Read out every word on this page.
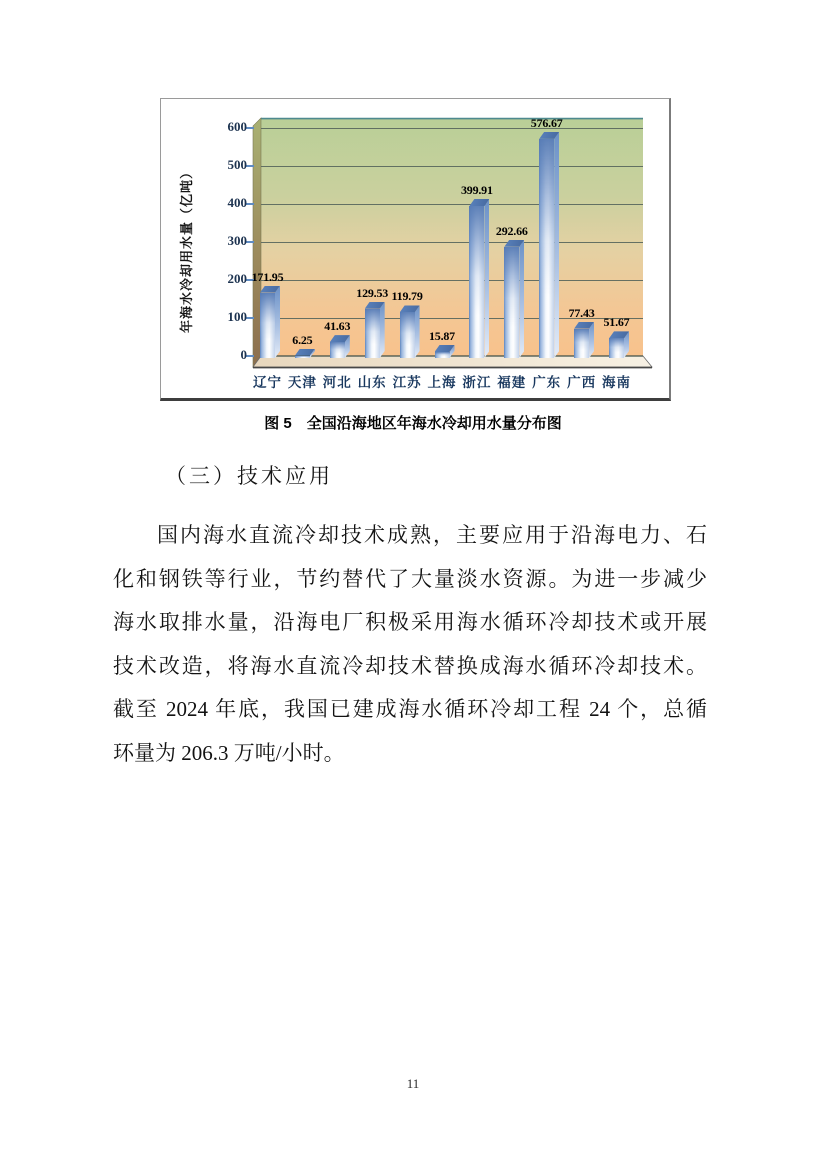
年海水冷却用水量（亿吨）
0
100
200
300
400
500
600
171.95
辽宁
6.25
天津
41.63
河北
129.53
山东
119.79
江苏
15.87
上海
399.91
浙江
292.66
福建
576.67
广东
77.43
广西
51.67
海南
图 5　全国沿海地区年海水冷却用水量分布图
（三）技术应用
国内海水直流冷却技术成熟，主要应用于沿海电力、石
化和钢铁等行业，节约替代了大量淡水资源。为进一步减少
海水取排水量，沿海电厂积极采用海水循环冷却技术或开展
技术改造，将海水直流冷却技术替换成海水循环冷却技术。
截至 2024 年底，我国已建成海水循环冷却工程 24 个，总循
环量为 206.3 万吨/小时。
11
